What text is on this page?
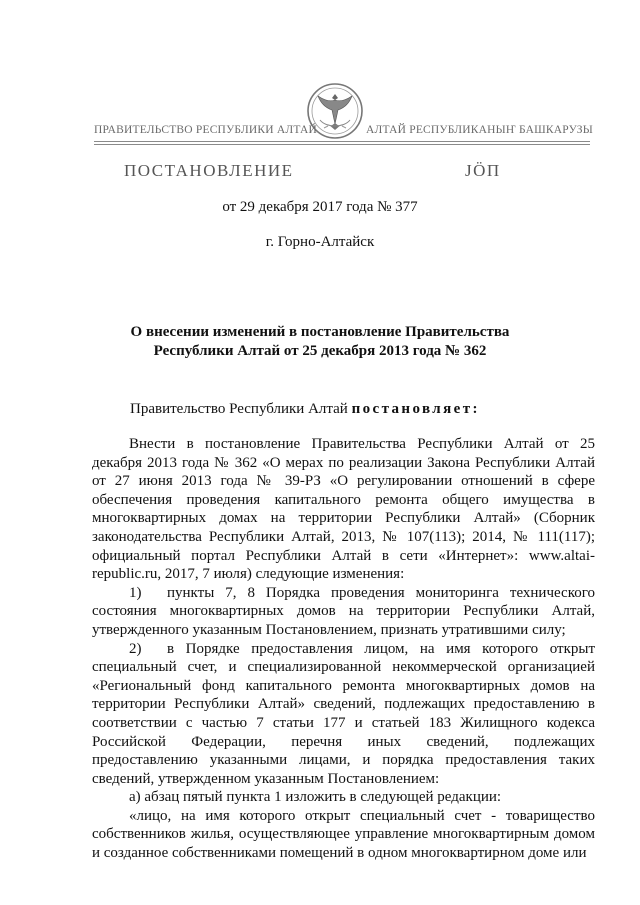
ПРАВИТЕЛЬСТВО РЕСПУБЛИКИ АЛТАЙ	АЛТАЙ РЕСПУБЛИКАНЫҤ БАШКАРУЗЫ
ПОСТАНОВЛЕНИЕ	JӦП
от 29 декабря 2017 года № 377
г. Горно-Алтайск
О внесении изменений в постановление Правительства
Республики Алтай от 25 декабря 2013 года № 362
Правительство Республики Алтай постановляет:

Внести в постановление Правительства Республики Алтай от 25 декабря 2013 года № 362 «О мерах по реализации Закона Республики Алтай от 27 июня 2013 года № 39-РЗ «О регулировании отношений в сфере обеспечения проведения капитального ремонта общего имущества в многоквартирных домах на территории Республики Алтай» (Сборник законодательства Республики Алтай, 2013, № 107(113); 2014, № 111(117); официальный портал Республики Алтай в сети «Интернет»: www.altai-republic.ru, 2017, 7 июля) следующие изменения:

1) пункты 7, 8 Порядка проведения мониторинга технического состояния многоквартирных домов на территории Республики Алтай, утвержденного указанным Постановлением, признать утратившими силу;

2) в Порядке предоставления лицом, на имя которого открыт специальный счет, и специализированной некоммерческой организацией «Региональный фонд капитального ремонта многоквартирных домов на территории Республики Алтай» сведений, подлежащих предоставлению в соответствии с частью 7 статьи 177 и статьей 183 Жилищного кодекса Российской Федерации, перечня иных сведений, подлежащих предоставлению указанными лицами, и порядка предоставления таких сведений, утвержденном указанным Постановлением:

а) абзац пятый пункта 1 изложить в следующей редакции:

«лицо, на имя которого открыт специальный счет - товарищество собственников жилья, осуществляющее управление многоквартирным домом и созданное собственниками помещений в одном многоквартирном доме или
